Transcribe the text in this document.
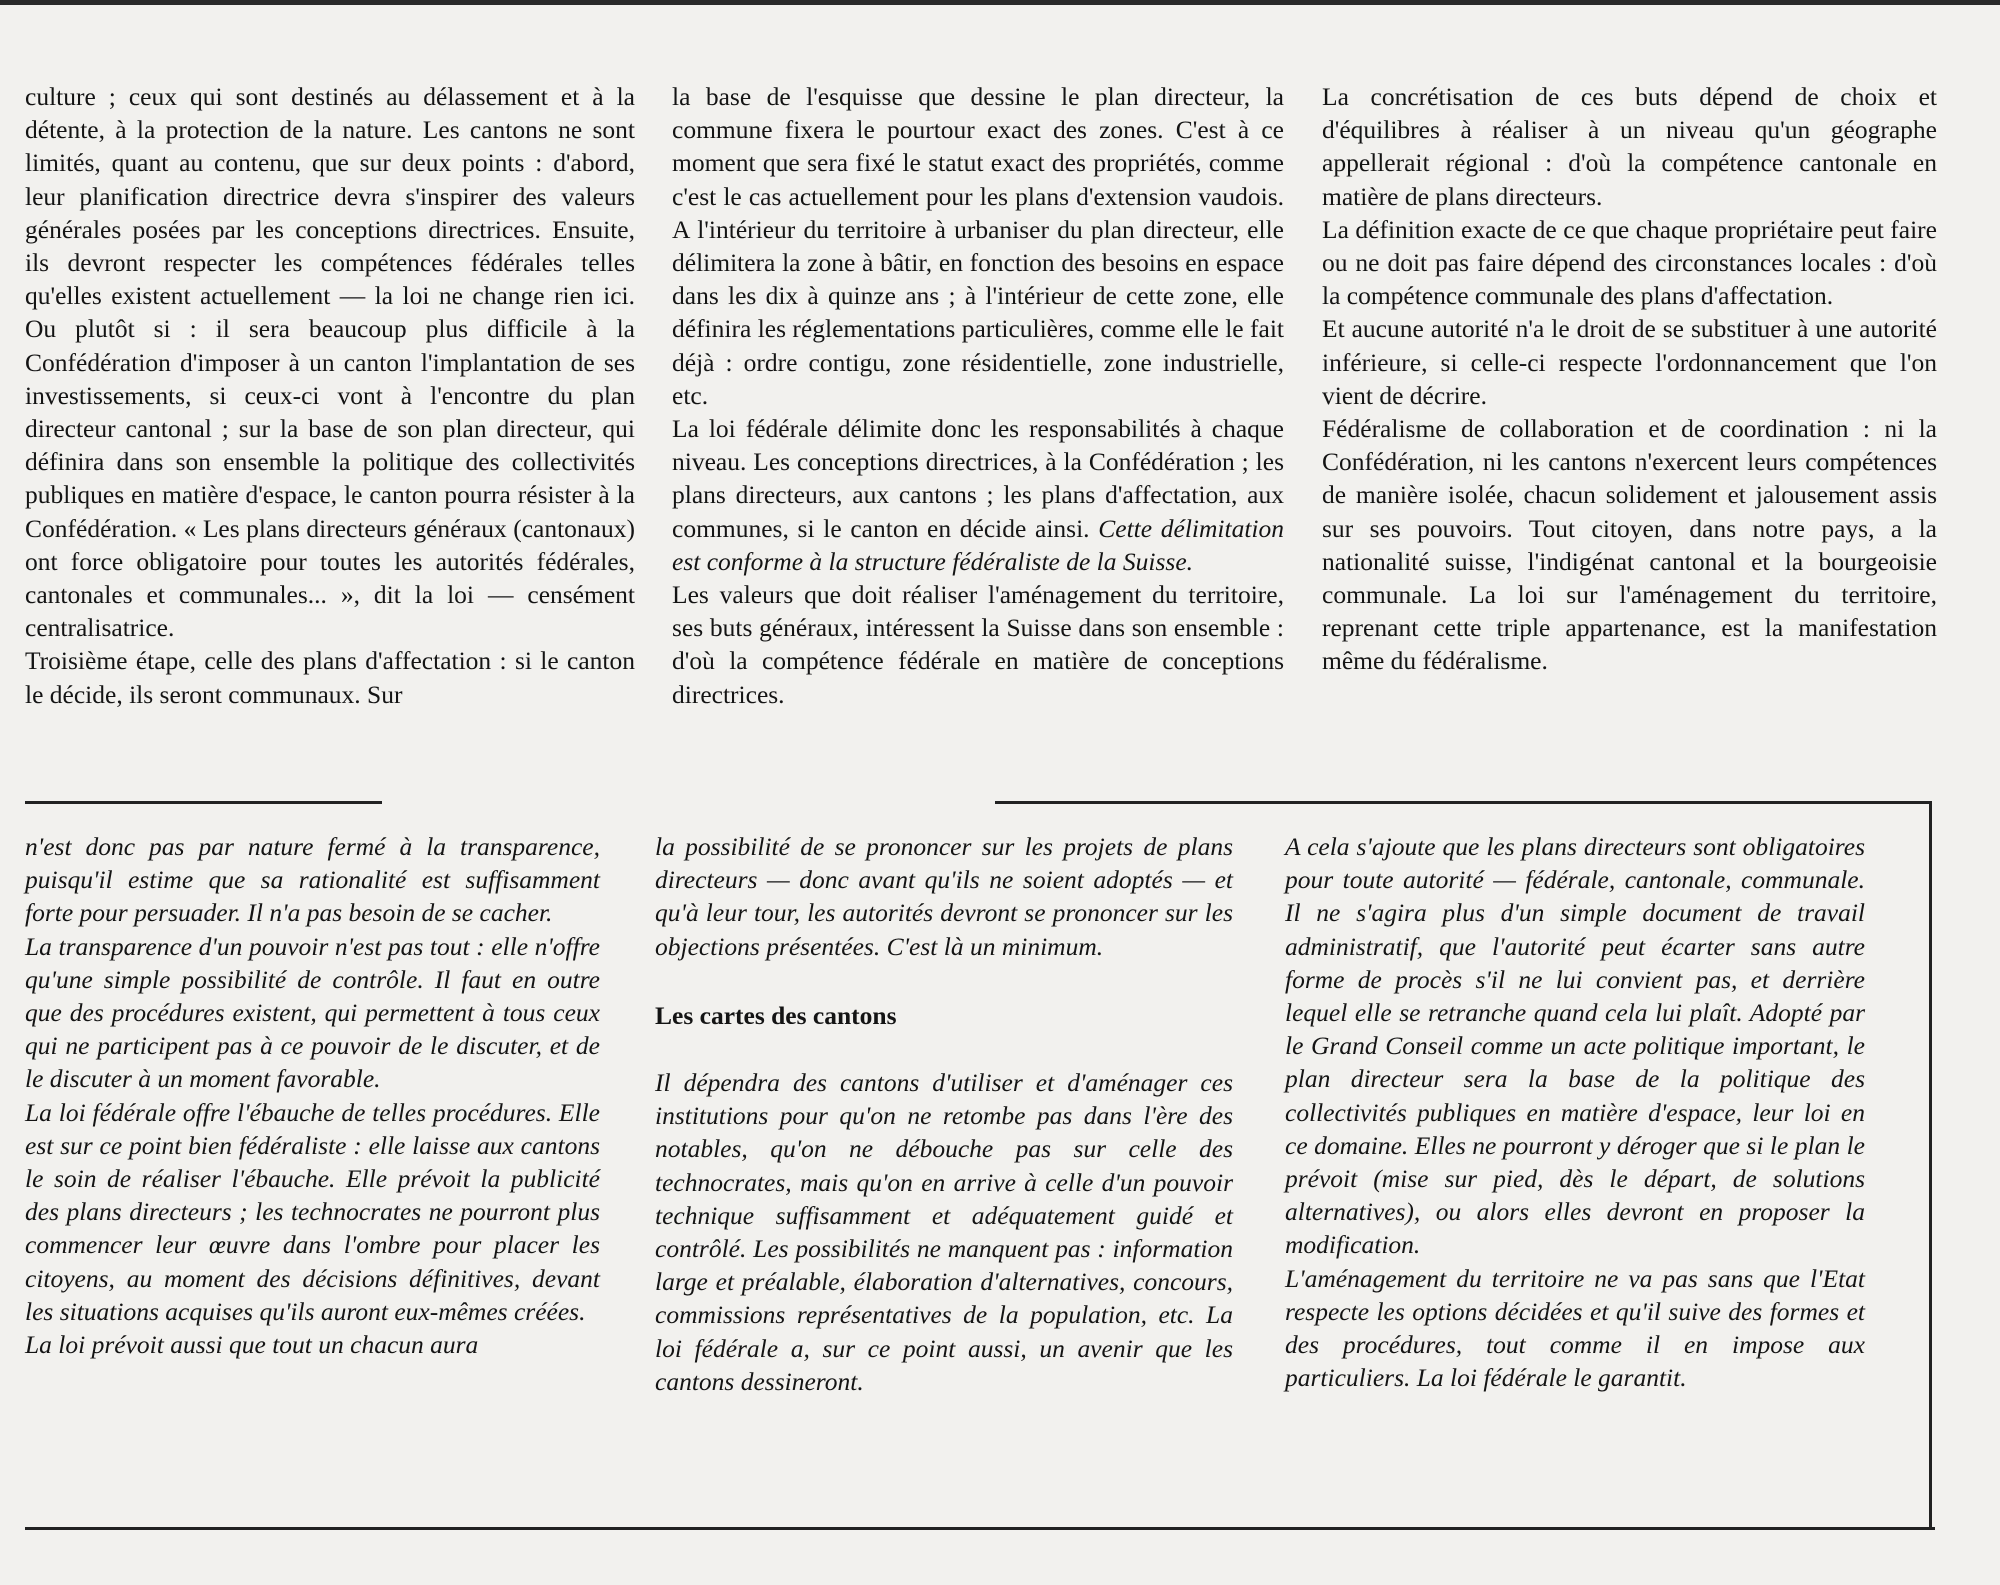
culture ; ceux qui sont destinés au délassement et à la détente, à la protection de la nature. Les cantons ne sont limités, quant au contenu, que sur deux points : d'abord, leur planification directrice devra s'inspirer des valeurs générales posées par les conceptions directrices. Ensuite, ils devront respecter les compétences fédérales telles qu'elles existent actuellement — la loi ne change rien ici. Ou plutôt si : il sera beaucoup plus difficile à la Confédération d'imposer à un canton l'implantation de ses investissements, si ceux-ci vont à l'encontre du plan directeur cantonal ; sur la base de son plan directeur, qui définira dans son ensemble la politique des collectivités publiques en matière d'espace, le canton pourra résister à la Confédération. « Les plans directeurs généraux (cantonaux) ont force obligatoire pour toutes les autorités fédérales, cantonales et communales... », dit la loi — censément centralisatrice.

Troisième étape, celle des plans d'affectation : si le canton le décide, ils seront communaux. Sur

la base de l'esquisse que dessine le plan directeur, la commune fixera le pourtour exact des zones. C'est à ce moment que sera fixé le statut exact des propriétés, comme c'est le cas actuellement pour les plans d'extension vaudois. A l'intérieur du territoire à urbaniser du plan directeur, elle délimitera la zone à bâtir, en fonction des besoins en espace dans les dix à quinze ans ; à l'intérieur de cette zone, elle définira les réglementations particulières, comme elle le fait déjà : ordre contigu, zone résidentielle, zone industrielle, etc.

La loi fédérale délimite donc les responsabilités à chaque niveau. Les conceptions directrices, à la Confédération ; les plans directeurs, aux cantons ; les plans d'affectation, aux communes, si le canton en décide ainsi. Cette délimitation est conforme à la structure fédéraliste de la Suisse.

Les valeurs que doit réaliser l'aménagement du territoire, ses buts généraux, intéressent la Suisse dans son ensemble : d'où la compétence fédérale en matière de conceptions directrices.

La concrétisation de ces buts dépend de choix et d'équilibres à réaliser à un niveau qu'un géographe appellerait régional : d'où la compétence cantonale en matière de plans directeurs.

La définition exacte de ce que chaque propriétaire peut faire ou ne doit pas faire dépend des circonstances locales : d'où la compétence communale des plans d'affectation.

Et aucune autorité n'a le droit de se substituer à une autorité inférieure, si celle-ci respecte l'ordonnancement que l'on vient de décrire.

Fédéralisme de collaboration et de coordination : ni la Confédération, ni les cantons n'exercent leurs compétences de manière isolée, chacun solidement et jalousement assis sur ses pouvoirs. Tout citoyen, dans notre pays, a la nationalité suisse, l'indigénat cantonal et la bourgeoisie communale. La loi sur l'aménagement du territoire, reprenant cette triple appartenance, est la manifestation même du fédéralisme.

n'est donc pas par nature fermé à la transparence, puisqu'il estime que sa rationalité est suffisamment forte pour persuader. Il n'a pas besoin de se cacher.

La transparence d'un pouvoir n'est pas tout : elle n'offre qu'une simple possibilité de contrôle. Il faut en outre que des procédures existent, qui permettent à tous ceux qui ne participent pas à ce pouvoir de le discuter, et de le discuter à un moment favorable.

La loi fédérale offre l'ébauche de telles procédures. Elle est sur ce point bien fédéraliste : elle laisse aux cantons le soin de réaliser l'ébauche. Elle prévoit la publicité des plans directeurs ; les technocrates ne pourront plus commencer leur œuvre dans l'ombre pour placer les citoyens, au moment des décisions définitives, devant les situations acquises qu'ils auront eux-mêmes créées.

La loi prévoit aussi que tout un chacun aura

la possibilité de se prononcer sur les projets de plans directeurs — donc avant qu'ils ne soient adoptés — et qu'à leur tour, les autorités devront se prononcer sur les objections présentées. C'est là un minimum.

Les cartes des cantons

Il dépendra des cantons d'utiliser et d'aménager ces institutions pour qu'on ne retombe pas dans l'ère des notables, qu'on ne débouche pas sur celle des technocrates, mais qu'on en arrive à celle d'un pouvoir technique suffisamment et adéquatement guidé et contrôlé. Les possibilités ne manquent pas : information large et préalable, élaboration d'alternatives, concours, commissions représentatives de la population, etc. La loi fédérale a, sur ce point aussi, un avenir que les cantons dessineront.

A cela s'ajoute que les plans directeurs sont obligatoires pour toute autorité — fédérale, cantonale, communale. Il ne s'agira plus d'un simple document de travail administratif, que l'autorité peut écarter sans autre forme de procès s'il ne lui convient pas, et derrière lequel elle se retranche quand cela lui plaît. Adopté par le Grand Conseil comme un acte politique important, le plan directeur sera la base de la politique des collectivités publiques en matière d'espace, leur loi en ce domaine. Elles ne pourront y déroger que si le plan le prévoit (mise sur pied, dès le départ, de solutions alternatives), ou alors elles devront en proposer la modification.

L'aménagement du territoire ne va pas sans que l'Etat respecte les options décidées et qu'il suive des formes et des procédures, tout comme il en impose aux particuliers. La loi fédérale le garantit.
